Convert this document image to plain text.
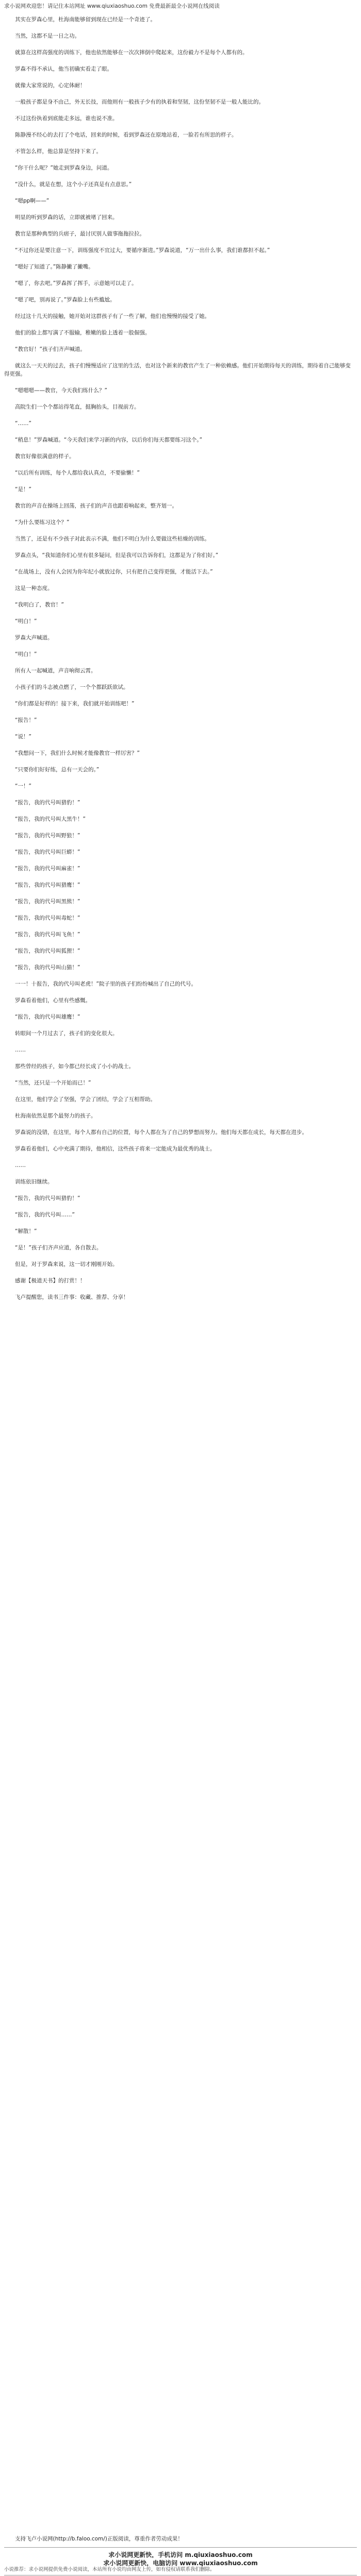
求小说网欢迎您！请记住本站网址 www.qiuxiaoshuo.com 免费最新最全小说网在线阅读

　　其实在罗森心里，杜海南能够留到现在已经是一个奇迹了。

　　当然，这都不是一日之功。

　　就算在这样高强度的训练下，他也依然能够在一次次摔倒中爬起来，这份毅力不是每个人都有的。

　　罗森不得不承认，他当初确实看走了眼。

　　就像大家常说的，心定体耐！

　　一般孩子都是身不由己，外无长技，而他则有一般孩子少有的执着和坚韧，这份坚韧不是一般人能比的。

　　不过这份执着到底能走多远，谁也说不准。

　　陈静漫不经心的去打了个电话，回来的时候，看到罗森还在原地站着，一脸若有所思的样子。

　　不管怎么样，他总算是坚持下来了。

　　“你干什么呢？”她走到罗森身边，问道。

　　“没什么，就是在想，这个小子还真是有点意思。”

　　“嗯pp啊——”

　　明显的听到罗森的话，立即就被堵了回来。

　　教官是那种典型的兵痞子，最讨厌别人做事拖拖拉拉。

　　“不过你还是要注意一下，训练强度不宜过大，要循序渐进。”罗森说道，“万一出什么事，我们谁都担不起。”

　　“嗯好了知道了。”陈静撇了撇嘴。

　　“嗯了，你去吧。”罗森挥了挥手，示意她可以走了。

　　“嗯了吧，别再说了。”罗森脸上有些尴尬。

　　经过这十几天的接触，她开始对这群孩子有了一些了解，他们也慢慢的接受了她。

　　他们的脸上都写满了不服输，稚嫩的脸上透着一股倔强。

　　“教官好！”孩子们齐声喊道。

　　就这么一天天的过去，孩子们慢慢适应了这里的生活，也对这个新来的教官产生了一种依赖感。他们开始期待每天的训练，期待着自己能够变得更强。

　　“嗯嗯嗯——教官，今天我们练什么？”

　　高院生们一个个都站得笔直，挺胸抬头，目视前方。

　　“……”

　　“稍息！”罗森喊道。“今天我们来学习新的内容，以后你们每天都要练习这个。”

　　教官好像很满意的样子。

　　“以后所有训练，每个人都给我认真点，不要偷懒！”

　　“是！”

　　教官的声音在操场上回荡，孩子们的声音也跟着响起来，整齐划一。

　　“为什么要练习这个？”

　　当然了，还是有不少孩子对此表示不满，他们不明白为什么要做这些枯燥的训练。

　　罗森点头，“我知道你们心里有很多疑问，但是我可以告诉你们，这都是为了你们好。”

　　“在战场上，没有人会因为你年纪小就放过你，只有把自己变得更强，才能活下去。”

　　这是一种态度。

　　“我明白了，教官！”

　　“明白！”

　　罗森大声喊道。

　　“明白！”

　　所有人一起喊道，声音响彻云霄。

　　小孩子们的斗志被点燃了，一个个都跃跃欲试。

　　“你们都是好样的！接下来，我们就开始训练吧！”

　　“报告！”

　　“说！”

　　“我想问一下，我们什么时候才能像教官一样厉害？”

　　“只要你们好好练，总有一天会的。”

　　“一！”

　　“报告，我的代号叫猎豹！”

　　“报告，我的代号叫大黑牛！”

　　“报告，我的代号叫野狼！”

　　“报告，我的代号叫巨蟒！”

　　“报告，我的代号叫麻雀！”

　　“报告，我的代号叫猎鹰！”

　　“报告，我的代号叫黑熊！”

　　“报告，我的代号叫毒蛇！”

　　“报告，我的代号叫飞鱼！”

　　“报告，我的代号叫狐狸！”

　　“报告，我的代号叫山猫！”

　　一一！十报告，我的代号叫老虎！”院子里的孩子们纷纷喊出了自己的代号。

　　罗森看着他们，心里有些感慨。

　　“报告，我的代号叫雄鹰！”

　　转眼间一个月过去了，孩子们的变化很大。

　　……

　　那些曾经的孩子，如今都已经长成了小小的战士。

　　“当然，还只是一个开始而已！”

　　在这里，他们学会了坚强，学会了团结，学会了互相帮助。

　　杜海南依然是那个最努力的孩子。

　　罗森说的没错，在这里，每个人都有自己的位置，每个人都在为了自己的梦想而努力。他们每天都在成长，每天都在进步。

　　罗森看着他们，心中充满了期待，他相信，这些孩子将来一定能成为最优秀的战士。

　　……

　　训练依旧继续。

　　“报告，我的代号叫猎豹！”

　　“报告，我的代号叫……”

　　“解散！”

　　“是！”孩子们齐声应道，各自散去。

　　但是，对于罗森来说，这一切才刚刚开始。

　　感谢【极道天书】的打赏！！

　　飞卢提醒您，读书三件事：收藏、推荐、分享！

　　支持飞卢小说网(http://b.faloo.com/)正版阅读，尊重作者劳动成果！
求小说网更新快，手机访问 m.qiuxiaoshuo.com
求小说网更新快，电脑访问 www.qiuxiaoshuo.com
小说推荐：求小说网提供免费小说阅读，本站所有小说均由网友上传，如有侵权请联系我们删除。
